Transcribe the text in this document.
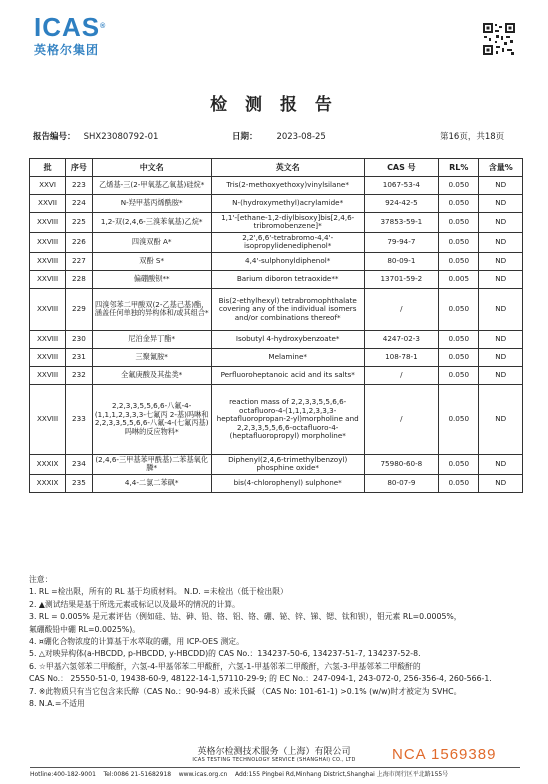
ICAS®
英格尔集团
检 测 报 告
报告编号： SHX23080792-01	日期： 2023-08-25	第16页，共18页
批	序号	中文名	英文名	CAS 号	RL%	含量%
XXVI	223	乙烯基-三(2-甲氧基乙氧基)硅烷*	Tris(2-methoxyethoxy)vinylsilane*	1067-53-4	0.050	ND
XXVII	224	N-羟甲基丙烯酰胺*	N-(hydroxymethyl)acrylamide*	924-42-5	0.050	ND
XXVIII	225	1,2-双(2,4,6-三溴苯氧基)乙烷*	1,1'-[ethane-1,2-diylbisoxy]bis[2,4,6-tribromobenzene]*	37853-59-1	0.050	ND
XXVIII	226	四溴双酚 A*	2,2',6,6'-tetrabromo-4,4'-isopropylidenediphenol*	79-94-7	0.050	ND
XXVIII	227	双酚 S*	4,4'-sulphonyldiphenol*	80-09-1	0.050	ND
XXVIII	228	偏硼酸钡**	Barium diboron tetraoxide**	13701-59-2	0.005	ND
XXVIII	229	四溴邻苯二甲酸双(2-乙基己基)酯，涵盖任何单独的异构体和/或其组合*	Bis(2-ethylhexyl) tetrabromophthalate covering any of the individual isomers and/or combinations thereof*	/	0.050	ND
XXVIII	230	尼泊金异丁酯*	Isobutyl 4-hydroxybenzoate*	4247-02-3	0.050	ND
XXVIII	231	三聚氰胺*	Melamine*	108-78-1	0.050	ND
XXVIII	232	全氟庚酸及其盐类*	Perfluoroheptanoic acid and its salts*	/	0.050	ND
XXVIII	233	2,2,3,3,5,5,6,6-八氟-4-(1,1,1,2,3,3,3-七氟丙 2-基)吗啉和 2,2,3,3,5,5,6,6-八氟-4-(七氟丙基)吗啉的反应物料*	reaction mass of 2,2,3,3,5,5,6,6-octafluoro-4-(1,1,1,2,3,3,3-heptafluoropropan-2-yl)morpholine and 2,2,3,3,5,5,6,6-octafluoro-4-(heptafluoropropyl) morpholine*	/	0.050	ND
XXXIX	234	(2,4,6-三甲基苯甲酰基)二苯基氧化膦*	Diphenyl(2,4,6-trimethylbenzoyl) phosphine oxide*	75980-60-8	0.050	ND
XXXIX	235	4,4-二氯二苯砜*	bis(4-chlorophenyl) sulphone*	80-07-9	0.050	ND
注意：
1. RL =检出限，所有的 RL 基于均质材料。 N.D. =未检出（低于检出限）
2. ▲测试结果是基于所选元素或标记以及最坏的情况的计算。
3. RL = 0.005% 是元素评估（例如硅、钴、砷、铅、铬、铝、铬、硼、铋、锌、锑、锶、钛和钡），钼元素 RL=0.0005%，
氟硼酸铅中硼 RL=0.0025%)。
4. ¤硼化合物浓度的计算基于水萃取的硼，用 ICP-OES 测定。
5. △对映异构体(a-HBCDD, p-HBCDD, y-HBCDD)的 CAS No.：134237-50-6, 134237-51-7, 134237-52-8.
6. ☆甲基六氢邻苯二甲酸酐，六氢-4-甲基邻苯二甲酸酐，六氢-1-甲基邻苯二甲酸酐，六氢-3-甲基邻苯二甲酸酐的
CAS No.： 25550-51-0, 19438-60-9, 48122-14-1,57110-29-9; 的 EC No.：247-094-1, 243-072-0, 256-356-4, 260-566-1.
7. ※此物质只有当它包含来氏醇（CAS No.：90-94-8）或米氏碱 （CAS No: 101-61-1) >0.1% (w/w)时才被定为 SVHC。
8. N.A.=不适用
英格尔检测技术服务（上海）有限公司
ICAS TESTING TECHNOLOGY SERVICE (SHANGHAI) CO., LTD	NCA 1569389
Hotline:400-182-9001 Tel:0086 21-51682918 www.icas.org.cn Add:155 Pingbei Rd,Minhang District,Shanghai 上海市闵行区平北路155号
